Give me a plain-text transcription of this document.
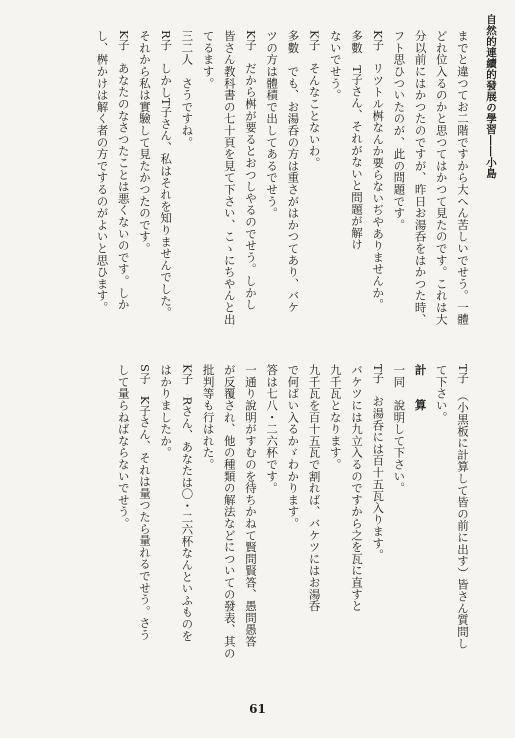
自然的連續的發展の學習――小島
までと違つてお二階ですから大へん苦しいでせう。一體
どれ位入るのかと思つてはかつて見たのです。これは大
分以前にはかつたのですが、昨日お湯呑をはかつた時、
フト思ひついたのが、此の問題です。
K子　リツトル桝なんか要らないぢやありませんか。
多數　T子さん、それがないと問題が解け
ないでせう。
K子　そんなことないわ。
多數　でも、お湯呑の方は重さがはかつてあり、バケ
ツの方は體積で出してあるでせう。
K子　だから桝が要るとおつしやるのでせう。しかし
皆さん教科書の七十頁を見て下さい、こゝにちやんと出
てるます。
三二人　さうですね。
R子　しかしT子さん、私はそれを知りませんでした。
それから私は實驗して見たかつたのです。
K子　あなたのなさつたことは悪くないのです。しか
し、桝かけは解く者の方でするのがよいと思ひます。
T子　（小黒板に計算して皆の前に出す）皆さん質問し
て下さい。
計　算
一同　說明して下さい。
T子　お湯呑には百十五瓦入ります。
バケツには九立入るのですから之を瓦に直すと
九千瓦となります。
九千瓦を百十五瓦で割れば、バケツにはお湯呑
で何ばい入るかゞわかります。
答は七八・二六杯です。
一通り說明がすむのを待ちかねて賢問賢答、愚問愚答
が反覆され、他の種類の解法などについての發表、其の
批判等も行はれた。
K子　Rさん、あなたは〇・二六杯なんといふものを
はかりましたか。
S子　K子さん、それは量つたら量れるでせう。さう
して量らねばならないでせう。
61
